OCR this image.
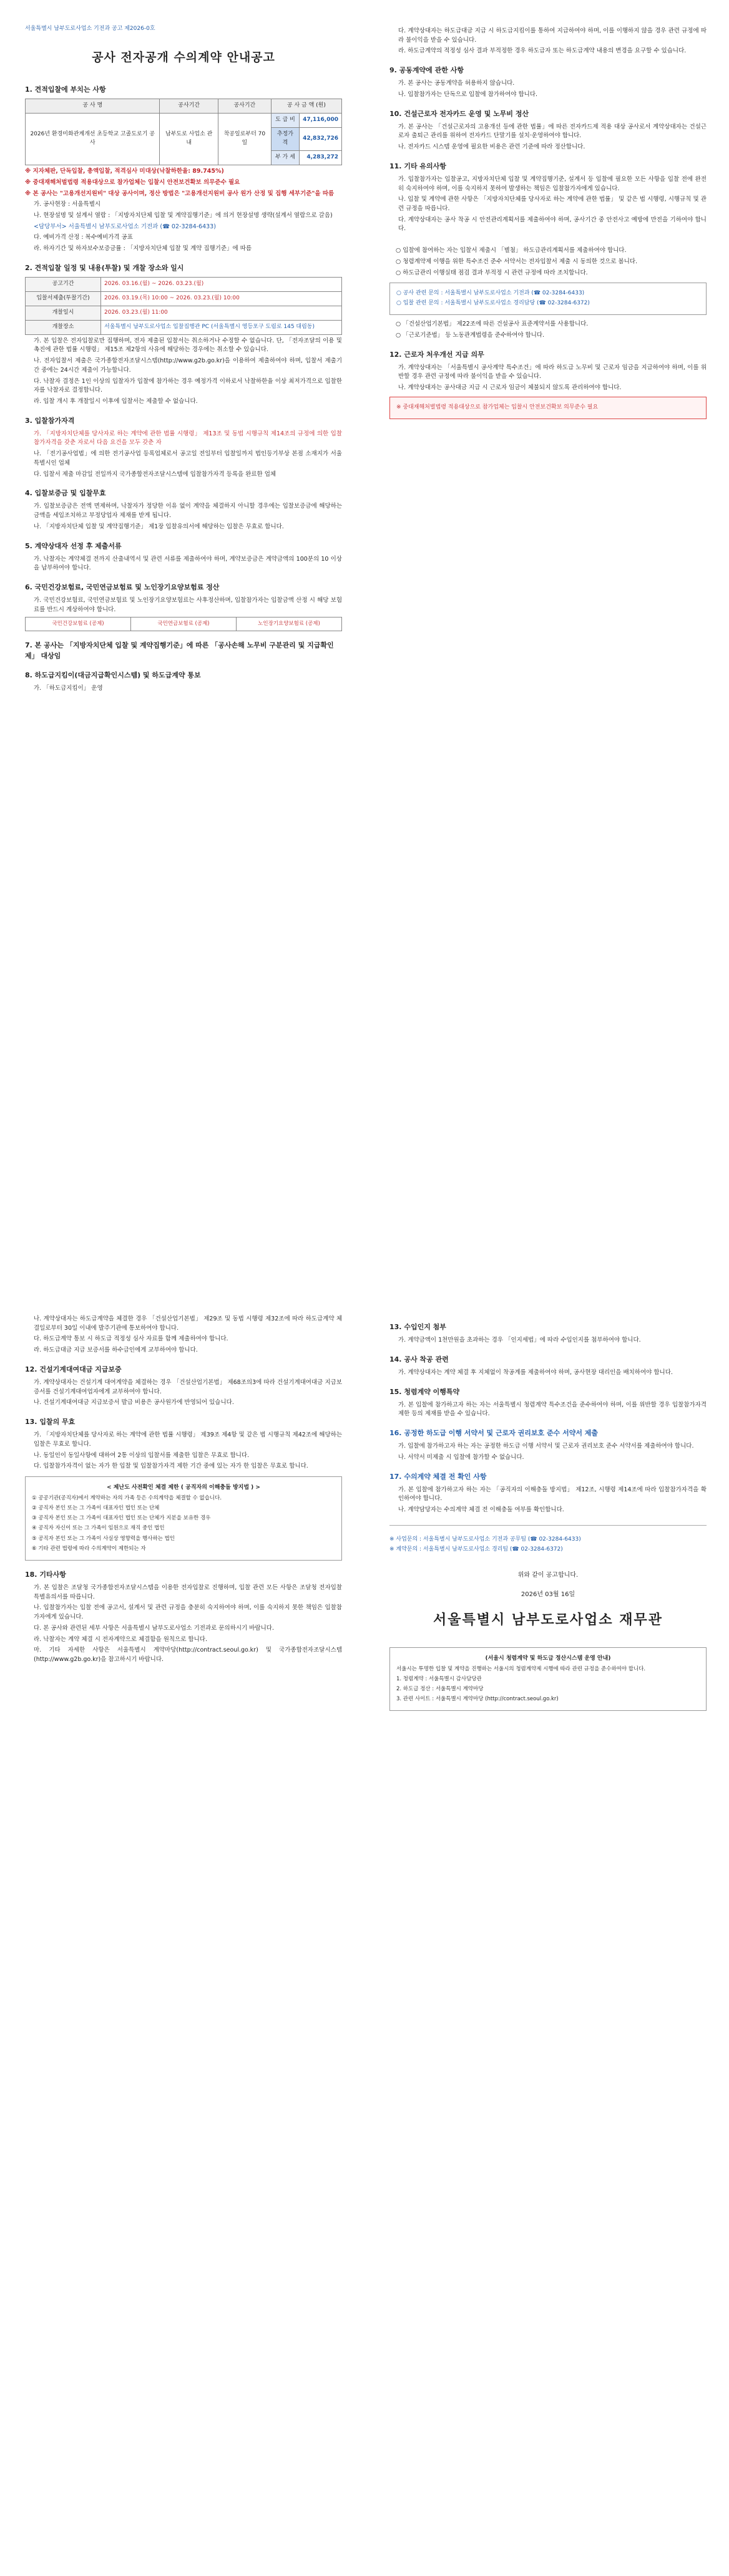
서울특별시 남부도로사업소 기전과 공고 제2026-0호
공사 전자공개 수의계약 안내공고
1. 견적입찰에 부치는 사항
공 사 명	공사기간	공사기간	공 사 금 액 (원)	
2026년 환경미화관계개선 초등학교 고졸도로기 공사	남부도로 사업소 관내	착공일로부터 70일	도 급 비	47,116,000
			추정가격	42,832,726
			부 가 세	4,283,272

※ 지자체판, 단독입찰, 총액입찰, 적격심사 미대상(낙찰하한율: 89.745%)

※ 중대재해처벌법령 적용대상으로 참가업체는 입찰시 안전보건확보 의무준수 필요

※ 본 공사는 "고용개선지원비" 대상 공사이며, 정산 방법은 "고용개선지원비 공사 원가 산정 및 집행 세부기준"을 따름

가. 공사현장 : 서울특별시

나. 현장설명 및 설계서 열람 : 「지방자치단체 입찰 및 계약집행기준」에 의거 현장설명 생략(설계서 열람으로 갈음)

<담당부서> 서울특별시 남부도로사업소 기전과 (☎ 02-3284-6433)

다. 예비가격 산정 : 복수예비가격 공표

라. 하자기간 및 하자보수보증금률 : 「지방자치단체 입찰 및 계약 집행기준」에 따름

2. 견적입찰 일정 및 내용(투찰) 및 개찰 장소와 일시
공고기간	2026. 03.16.(월) ~ 2026. 03.23.(월)
입찰서제출(투찰기간)	2026. 03.19.(목) 10:00 ~ 2026. 03.23.(월) 10:00
개찰일시	2026. 03.23.(월) 11:00
개찰장소	서울특별시 남부도로사업소 입찰집행관 PC (서울특별시 영등포구 도림로 145 대림동)

가. 본 입찰은 전자입찰로만 집행하며, 전자 제출된 입찰서는 취소하거나 수정할 수 없습니다. 단, 「전자조달의 이용 및 촉진에 관한 법률 시행령」 제15조 제2항의 사유에 해당하는 경우에는 취소할 수 있습니다.

나. 전자입찰서 제출은 국가종합전자조달시스템(http://www.g2b.go.kr)을 이용하여 제출하여야 하며, 입찰서 제출기간 중에는 24시간 제출이 가능합니다.

다. 낙찰자 결정은 1인 이상의 입찰자가 입찰에 참가하는 경우 예정가격 이하로서 낙찰하한율 이상 최저가격으로 입찰한 자를 낙찰자로 결정합니다.

라. 입찰 개시 후 개찰일시 이후에 입찰서는 제출할 수 없습니다.

3. 입찰참가자격

가. 「지방자치단체를 당사자로 하는 계약에 관한 법률 시행령」 제13조 및 동법 시행규칙 제14조의 규정에 의한 입찰참가자격을 갖춘 자로서 다음 요건을 모두 갖춘 자

나. 「전기공사업법」에 의한 전기공사업 등록업체로서 공고일 전일부터 입찰일까지 법인등기부상 본점 소재지가 서울특별시인 업체

다. 입찰서 제출 마감일 전일까지 국가종합전자조달시스템에 입찰참가자격 등록을 완료한 업체

4. 입찰보증금 및 입찰무효

가. 입찰보증금은 전액 면제하며, 낙찰자가 정당한 이유 없이 계약을 체결하지 아니할 경우에는 입찰보증금에 해당하는 금액을 세입조치하고 부정당업자 제재를 받게 됩니다.

나. 「지방자치단체 입찰 및 계약집행기준」 제1장 입찰유의서에 해당하는 입찰은 무효로 합니다.

5. 계약상대자 선정 후 제출서류

가. 낙찰자는 계약체결 전까지 산출내역서 및 관련 서류를 제출하여야 하며, 계약보증금은 계약금액의 100분의 10 이상을 납부하여야 합니다.

6. 국민건강보험료, 국민연금보험료 및 노인장기요양보험료 정산

가. 국민건강보험료, 국민연금보험료 및 노인장기요양보험료는 사후정산하며, 입찰참가자는 입찰금액 산정 시 해당 보험료를 반드시 계상하여야 합니다.

국민건강보험료 (공제)	국민연금보험료 (공제)	노인장기요양보험료 (공제)
7. 본 공사는 「지방자치단체 입찰 및 계약집행기준」에 따른 「공사손해 노무비 구분관리 및 지급확인제」 대상임
8. 하도급지킴이(대금지급확인시스템) 및 하도급계약 통보

가. 「하도급지킴이」 운영

다. 계약상대자는 하도급대금 지급 시 하도급지킴이를 통하여 지급하여야 하며, 이를 이행하지 않을 경우 관련 규정에 따라 불이익을 받을 수 있습니다.

라. 하도급계약의 적정성 심사 결과 부적정한 경우 하도급자 또는 하도급계약 내용의 변경을 요구할 수 있습니다.

9. 공동계약에 관한 사항

가. 본 공사는 공동계약을 허용하지 않습니다.

나. 입찰참가자는 단독으로 입찰에 참가하여야 합니다.

10. 건설근로자 전자카드 운영 및 노무비 정산

가. 본 공사는 「건설근로자의 고용개선 등에 관한 법률」에 따른 전자카드제 적용 대상 공사로서 계약상대자는 건설근로자 출퇴근 관리를 위하여 전자카드 단말기를 설치·운영하여야 합니다.

나. 전자카드 시스템 운영에 필요한 비용은 관련 기준에 따라 정산합니다.

11. 기타 유의사항

가. 입찰참가자는 입찰공고, 지방자치단체 입찰 및 계약집행기준, 설계서 등 입찰에 필요한 모든 사항을 입찰 전에 완전히 숙지하여야 하며, 이를 숙지하지 못하여 발생하는 책임은 입찰참가자에게 있습니다.

나. 입찰 및 계약에 관한 사항은 「지방자치단체를 당사자로 하는 계약에 관한 법률」 및 같은 법 시행령, 시행규칙 및 관련 규정을 따릅니다.

다. 계약상대자는 공사 착공 시 안전관리계획서를 제출하여야 하며, 공사기간 중 안전사고 예방에 만전을 기하여야 합니다.

○ 입찰에 참여하는 자는 입찰서 제출시 「별첨」 하도급관리계획서를 제출하여야 합니다.

○ 청렴계약제 이행을 위한 특수조건 준수 서약서는 전자입찰서 제출 시 동의한 것으로 봅니다.

○ 하도급관리 이행실태 점검 결과 부적정 시 관련 규정에 따라 조치합니다.

○ 공사 관련 문의 : 서울특별시 남부도로사업소 기전과 (☎ 02-3284-6433)

○ 입찰 관련 문의 : 서울특별시 남부도로사업소 경리담당 (☎ 02-3284-6372)

○ 「건설산업기본법」 제22조에 따른 건설공사 표준계약서를 사용합니다.

○ 「근로기준법」 등 노동관계법령을 준수하여야 합니다.

12. 근로자 처우개선 지급 의무

가. 계약상대자는 「서울특별시 공사계약 특수조건」에 따라 하도급 노무비 및 근로자 임금을 지급하여야 하며, 이를 위반할 경우 관련 규정에 따라 불이익을 받을 수 있습니다.

나. 계약상대자는 공사대금 지급 시 근로자 임금이 체불되지 않도록 관리하여야 합니다.

※ 중대재해처벌법령 적용대상으로 참가업체는 입찰시 안전보건확보 의무준수 필요

나. 계약상대자는 하도급계약을 체결한 경우 「건설산업기본법」 제29조 및 동법 시행령 제32조에 따라 하도급계약 체결일로부터 30일 이내에 발주기관에 통보하여야 합니다.

다. 하도급계약 통보 시 하도급 적정성 심사 자료를 함께 제출하여야 합니다.

라. 하도급대금 지급 보증서를 하수급인에게 교부하여야 합니다.

12. 건설기계대여대금 지급보증

가. 계약상대자는 건설기계 대여계약을 체결하는 경우 「건설산업기본법」 제68조의3에 따라 건설기계대여대금 지급보증서를 건설기계대여업자에게 교부하여야 합니다.

나. 건설기계대여대금 지급보증서 발급 비용은 공사원가에 반영되어 있습니다.

13. 입찰의 무효

가. 「지방자치단체를 당사자로 하는 계약에 관한 법률 시행령」 제39조 제4항 및 같은 법 시행규칙 제42조에 해당하는 입찰은 무효로 합니다.

나. 동일인이 동일사항에 대하여 2통 이상의 입찰서를 제출한 입찰은 무효로 합니다.

다. 입찰참가자격이 없는 자가 한 입찰 및 입찰참가자격 제한 기간 중에 있는 자가 한 입찰은 무효로 합니다.

< 제난도 사전확인 체결 제한 ( 공직자의 이해충돌 방지법 ) >

① 공공기관(공직자)에서 계약하는 자의 가족 등은 수의계약을 체결할 수 없습니다.

② 공직자 본인 또는 그 가족이 대표자인 법인 또는 단체

③ 공직자 본인 또는 그 가족이 대표자인 법인 또는 단체가 지분을 보유한 경우

④ 공직자 자신이 또는 그 가족이 임원으로 재직 중인 법인

⑤ 공직자 본인 또는 그 가족이 사실상 영향력을 행사하는 법인

⑥ 기타 관련 법령에 따라 수의계약이 제한되는 자

18. 기타사항

가. 본 입찰은 조달청 국가종합전자조달시스템을 이용한 전자입찰로 진행하며, 입찰 관련 모든 사항은 조달청 전자입찰 특별유의서를 따릅니다.

나. 입찰참가자는 입찰 전에 공고서, 설계서 및 관련 규정을 충분히 숙지하여야 하며, 이를 숙지하지 못한 책임은 입찰참가자에게 있습니다.

다. 본 공사와 관련된 세부 사항은 서울특별시 남부도로사업소 기전과로 문의하시기 바랍니다.

라. 낙찰자는 계약 체결 시 전자계약으로 체결함을 원칙으로 합니다.

마. 기타 자세한 사항은 서울특별시 계약마당(http://contract.seoul.go.kr) 및 국가종합전자조달시스템(http://www.g2b.go.kr)을 참고하시기 바랍니다.

13. 수입인지 첨부

가. 계약금액이 1천만원을 초과하는 경우 「인지세법」에 따라 수입인지를 첨부하여야 합니다.

14. 공사 착공 관련

가. 계약상대자는 계약 체결 후 지체없이 착공계를 제출하여야 하며, 공사현장 대리인을 배치하여야 합니다.

15. 청렴계약 이행특약

가. 본 입찰에 참가하고자 하는 자는 서울특별시 청렴계약 특수조건을 준수하여야 하며, 이를 위반할 경우 입찰참가자격 제한 등의 제재를 받을 수 있습니다.

16. 공정한 하도급 이행 서약서 및 근로자 권리보호 준수 서약서 제출

가. 입찰에 참가하고자 하는 자는 공정한 하도급 이행 서약서 및 근로자 권리보호 준수 서약서를 제출하여야 합니다.

나. 서약서 미제출 시 입찰에 참가할 수 없습니다.

17. 수의계약 체결 전 확인 사항

가. 본 입찰에 참가하고자 하는 자는 「공직자의 이해충돌 방지법」 제12조, 시행령 제14조에 따라 입찰참가자격을 확인하여야 합니다.

나. 계약담당자는 수의계약 체결 전 이해충돌 여부를 확인합니다.

※ 사업문의 : 서울특별시 남부도로사업소 기전과 공무팀 (☎ 02-3284-6433)

※ 계약문의 : 서울특별시 남부도로사업소 경리팀 (☎ 02-3284-6372)

위와 같이 공고합니다.
2026년 03월 16일
서울특별시 남부도로사업소 재무관

(서울시 청렴계약 및 하도급 정산시스템 운영 안내)

서울시는 투명한 입찰 및 계약을 진행하는 서울시의 청렴계약제 시행에 따라 관련 규정을 준수하여야 합니다.

1. 청렴계약 : 서울특별시 감사담당관

2. 하도급 정산 : 서울특별시 계약마당

3. 관련 사이트 : 서울특별시 계약마당 (http://contract.seoul.go.kr)
